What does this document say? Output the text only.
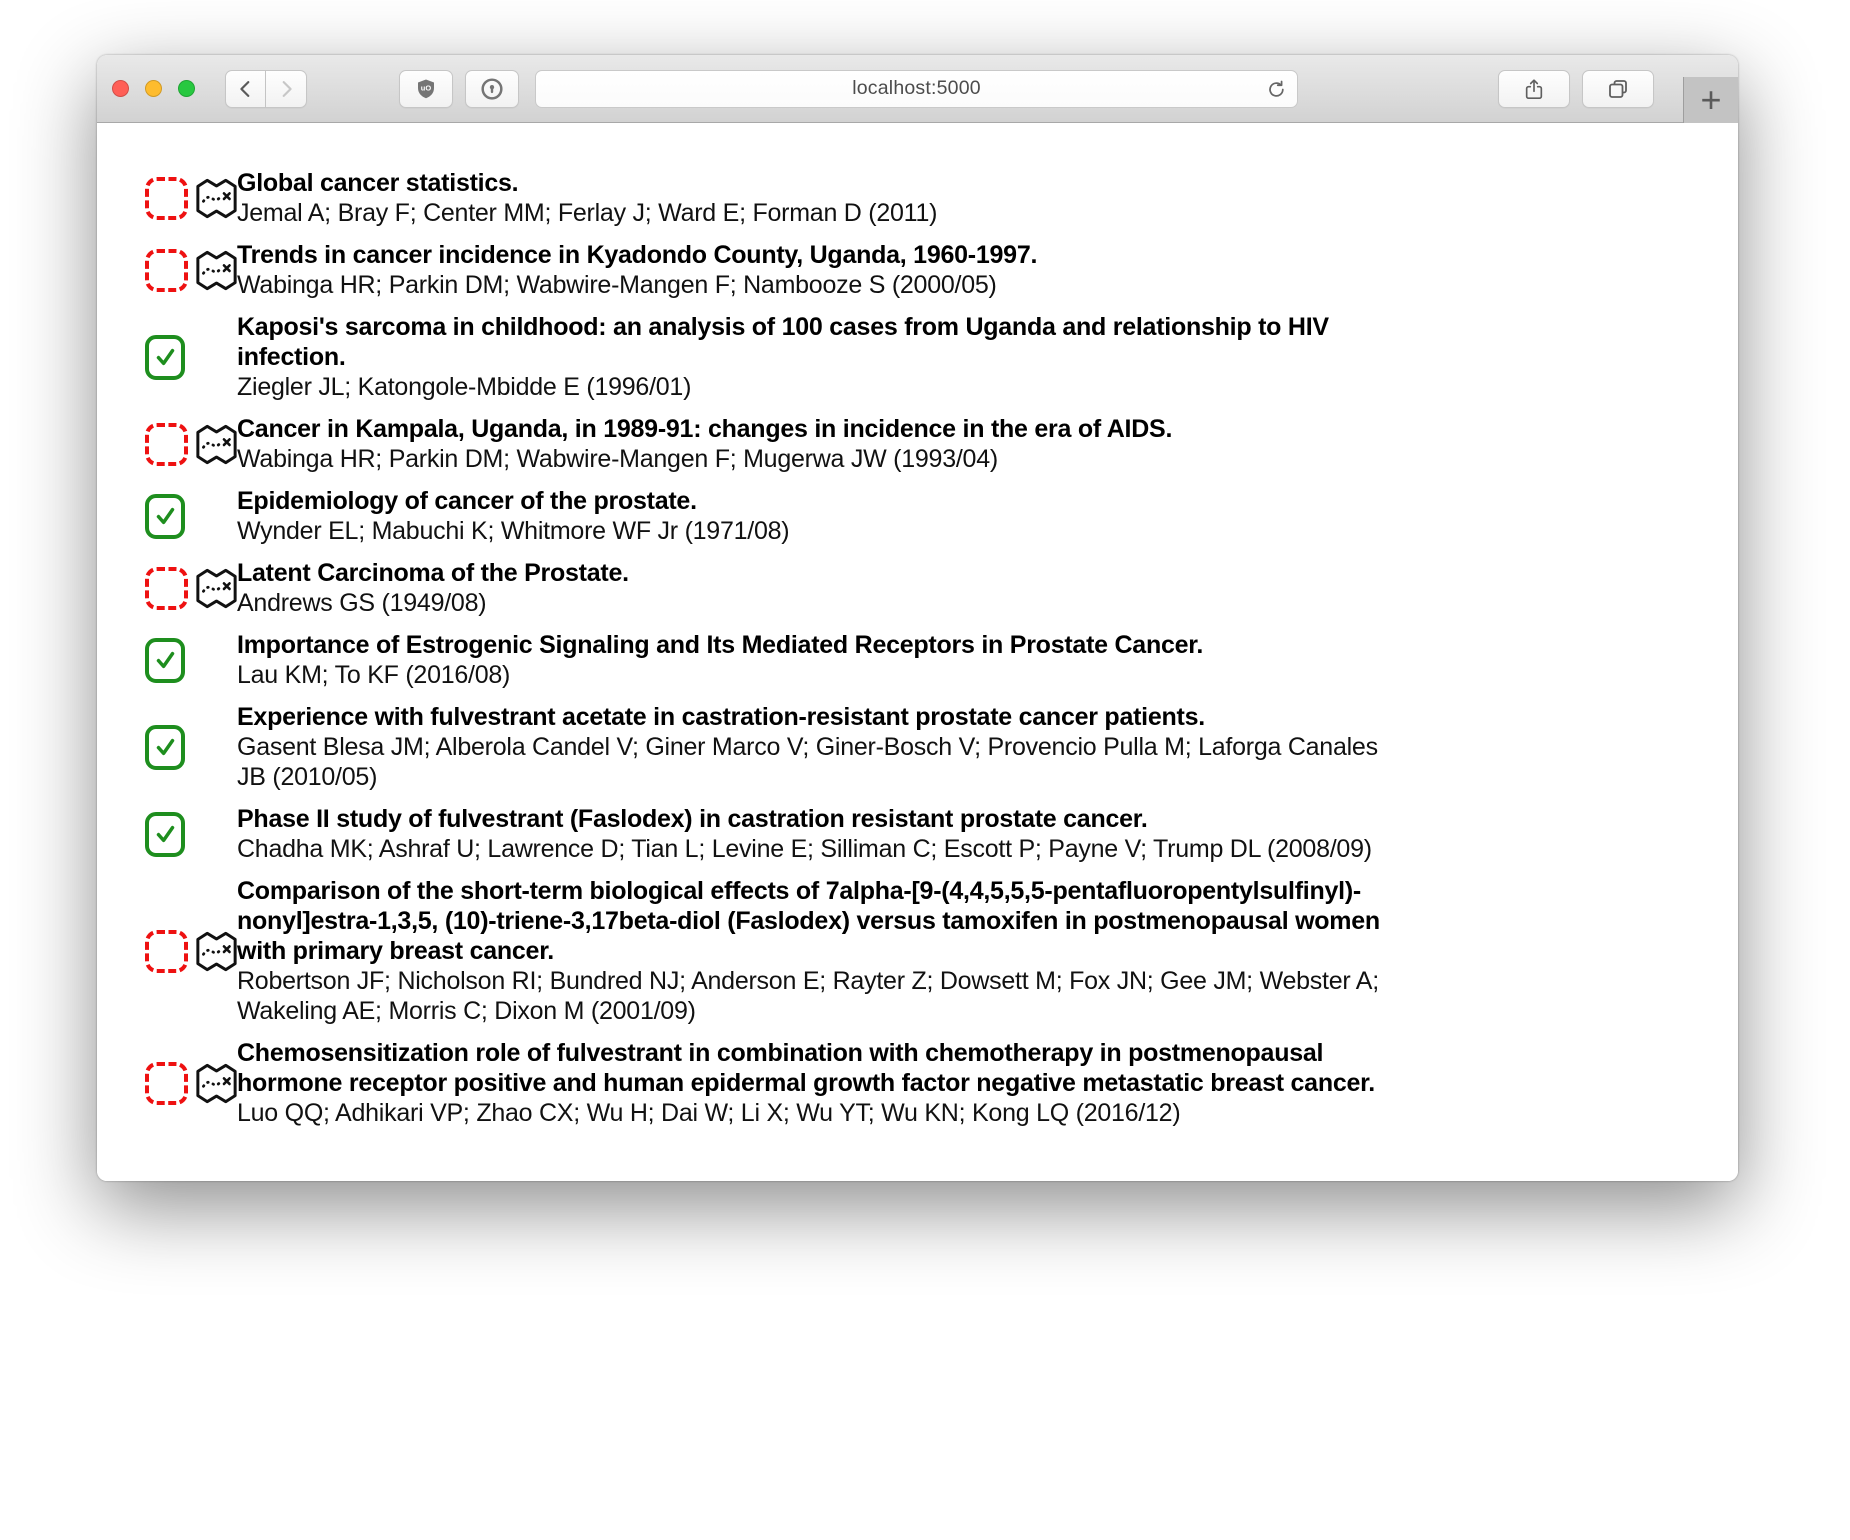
uO	localhost:5000	+

Global cancer statistics.

Jemal A; Bray F; Center MM; Ferlay J; Ward E; Forman D (2011)

Trends in cancer incidence in Kyadondo County, Uganda, 1960-1997.

Wabinga HR; Parkin DM; Wabwire-Mangen F; Nambooze S (2000/05)

Kaposi's sarcoma in childhood: an analysis of 100 cases from Uganda and relationship to HIV infection.

Ziegler JL; Katongole-Mbidde E (1996/01)

Cancer in Kampala, Uganda, in 1989-91: changes in incidence in the era of AIDS.

Wabinga HR; Parkin DM; Wabwire-Mangen F; Mugerwa JW (1993/04)

Epidemiology of cancer of the prostate.

Wynder EL; Mabuchi K; Whitmore WF Jr (1971/08)

Latent Carcinoma of the Prostate.

Andrews GS (1949/08)

Importance of Estrogenic Signaling and Its Mediated Receptors in Prostate Cancer.

Lau KM; To KF (2016/08)

Experience with fulvestrant acetate in castration-resistant prostate cancer patients.

Gasent Blesa JM; Alberola Candel V; Giner Marco V; Giner-Bosch V; Provencio Pulla M; Laforga Canales JB (2010/05)

Phase II study of fulvestrant (Faslodex) in castration resistant prostate cancer.

Chadha MK; Ashraf U; Lawrence D; Tian L; Levine E; Silliman C; Escott P; Payne V; Trump DL (2008/09)

Comparison of the short-term biological effects of 7alpha-[9-(4,4,5,5,5-pentafluoropentylsulfinyl)-nonyl]estra-1,3,5, (10)-triene-3,17beta-diol (Faslodex) versus tamoxifen in postmenopausal women with primary breast cancer.

Robertson JF; Nicholson RI; Bundred NJ; Anderson E; Rayter Z; Dowsett M; Fox JN; Gee JM; Webster A; Wakeling AE; Morris C; Dixon M (2001/09)

Chemosensitization role of fulvestrant in combination with chemotherapy in postmenopausal hormone receptor positive and human epidermal growth factor negative metastatic breast cancer.

Luo QQ; Adhikari VP; Zhao CX; Wu H; Dai W; Li X; Wu YT; Wu KN; Kong LQ (2016/12)
